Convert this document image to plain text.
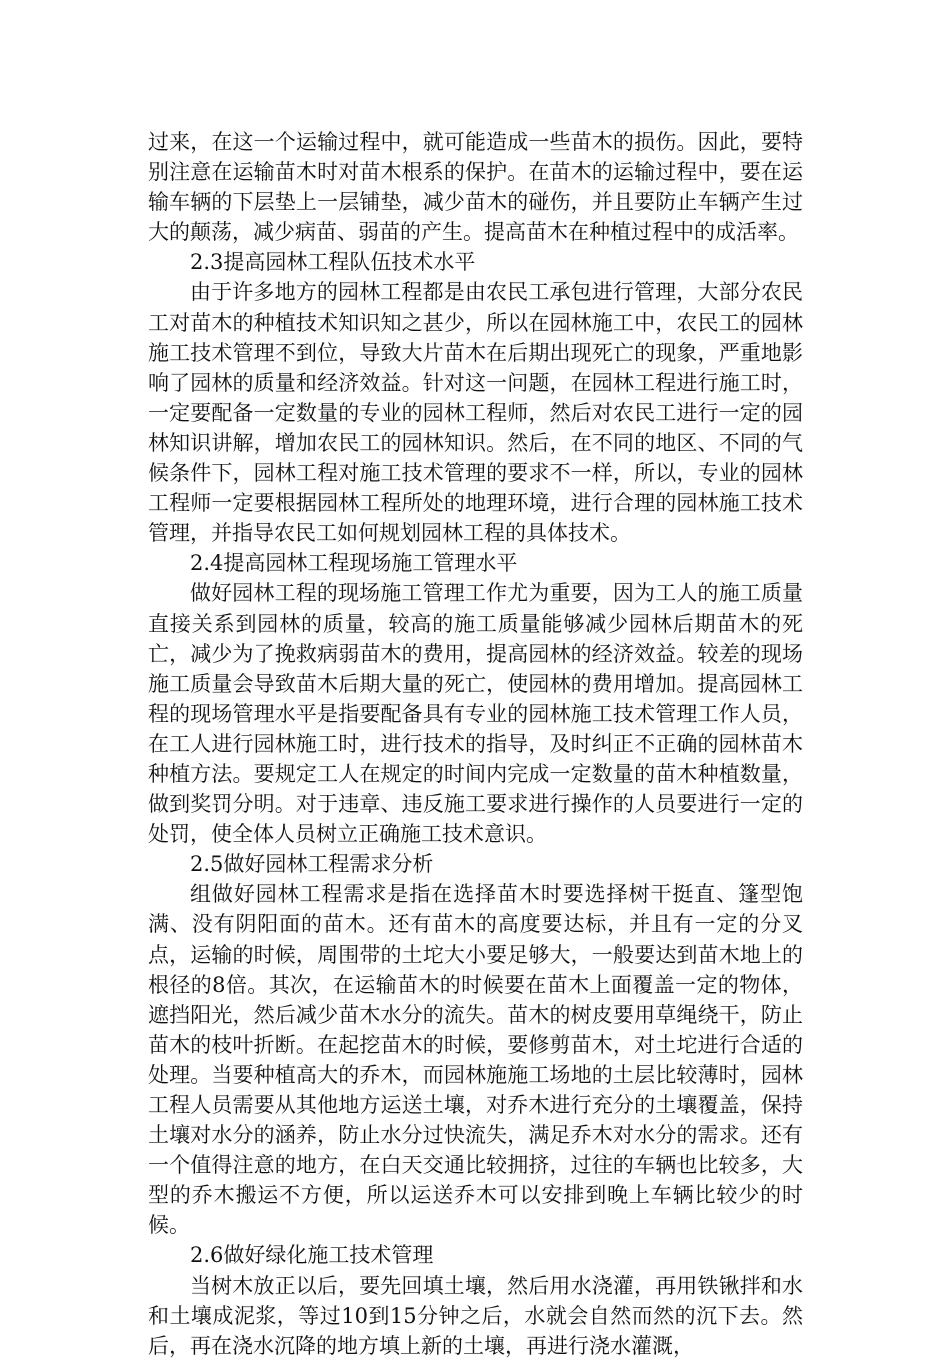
过来，在这一个运输过程中，就可能造成一些苗木的损伤。因此，要特别注意在运输苗木时对苗木根系的保护。在苗木的运输过程中，要在运输车辆的下层垫上一层铺垫，减少苗木的碰伤，并且要防止车辆产生过大的颠荡，减少病苗、弱苗的产生。提高苗木在种植过程中的成活率。

2.3提高园林工程队伍技术水平

由于许多地方的园林工程都是由农民工承包进行管理，大部分农民工对苗木的种植技术知识知之甚少，所以在园林施工中，农民工的园林施工技术管理不到位，导致大片苗木在后期出现死亡的现象，严重地影响了园林的质量和经济效益。针对这一问题，在园林工程进行施工时，一定要配备一定数量的专业的园林工程师，然后对农民工进行一定的园林知识讲解，增加农民工的园林知识。然后，在不同的地区、不同的气候条件下，园林工程对施工技术管理的要求不一样，所以，专业的园林工程师一定要根据园林工程所处的地理环境，进行合理的园林施工技术管理，并指导农民工如何规划园林工程的具体技术。

2.4提高园林工程现场施工管理水平

做好园林工程的现场施工管理工作尤为重要，因为工人的施工质量直接关系到园林的质量，较高的施工质量能够减少园林后期苗木的死亡，减少为了挽救病弱苗木的费用，提高园林的经济效益。较差的现场施工质量会导致苗木后期大量的死亡，使园林的费用增加。提高园林工程的现场管理水平是指要配备具有专业的园林施工技术管理工作人员，在工人进行园林施工时，进行技术的指导，及时纠正不正确的园林苗木种植方法。要规定工人在规定的时间内完成一定数量的苗木种植数量，做到奖罚分明。对于违章、违反施工要求进行操作的人员要进行一定的处罚，使全体人员树立正确施工技术意识。

2.5做好园林工程需求分析

组做好园林工程需求是指在选择苗木时要选择树干挺直、篷型饱满、没有阴阳面的苗木。还有苗木的高度要达标，并且有一定的分叉点，运输的时候，周围带的土坨大小要足够大，一般要达到苗木地上的根径的8倍。其次，在运输苗木的时候要在苗木上面覆盖一定的物体，遮挡阳光，然后减少苗木水分的流失。苗木的树皮要用草绳绕干，防止苗木的枝叶折断。在起挖苗木的时候，要修剪苗木，对土坨进行合适的处理。当要种植高大的乔木，而园林施施工场地的土层比较薄时，园林工程人员需要从其他地方运送土壤，对乔木进行充分的土壤覆盖，保持土壤对水分的涵养，防止水分过快流失，满足乔木对水分的需求。还有一个值得注意的地方，在白天交通比较拥挤，过往的车辆也比较多，大型的乔木搬运不方便，所以运送乔木可以安排到晚上车辆比较少的时候。

2.6做好绿化施工技术管理

当树木放正以后，要先回填土壤，然后用水浇灌，再用铁锹拌和水和土壤成泥浆，等过10到15分钟之后，水就会自然而然的沉下去。然后，再在浇水沉降的地方填上新的土壤，再进行浇水灌溉，
